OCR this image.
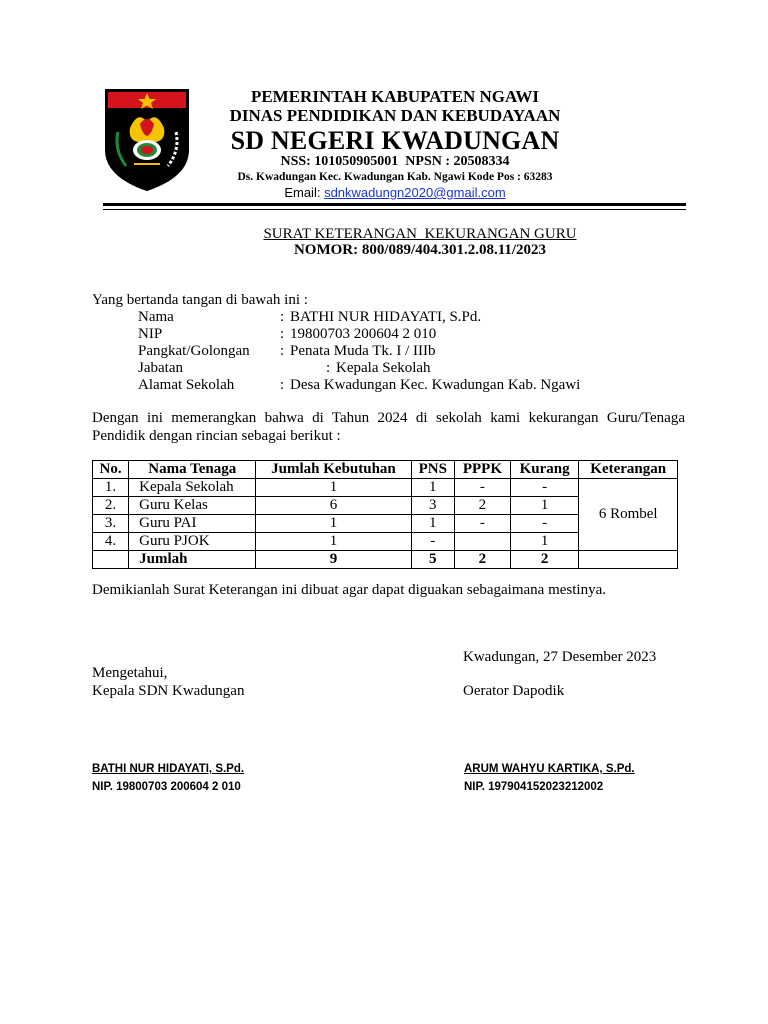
PEMERINTAH KABUPATEN NGAWI
DINAS PENDIDIKAN DAN KEBUDAYAAN
SD NEGERI KWADUNGAN
NSS: 101050905001  NPSN : 20508334
Ds. Kwadungan Kec. Kwadungan Kab. Ngawi Kode Pos : 63283
Email: sdnkwadungn2020@gmail.com
SURAT KETERANGAN  KEKURANGAN GURU
NOMOR: 800/089/404.301.2.08.11/2023
Yang bertanda tangan di bawah ini :
Nama	: BATHI NUR HIDAYATI, S.Pd.
NIP	: 19800703 200604 2 010
Pangkat/Golongan : Penata Muda Tk. I / IIIb
Jabatan	: Kepala Sekolah
Alamat Sekolah	: Desa Kwadungan Kec. Kwadungan Kab. Ngawi
Dengan ini memerangkan bahwa di Tahun 2024 di sekolah kami kekurangan Guru/Tenaga Pendidik dengan rincian sebagai berikut :
No.	Nama Tenaga	Jumlah Kebutuhan	PNS	PPPK	Kurang	Keterangan
1.	Kepala Sekolah	1	1	-	-	6 Rombel
2.	Guru Kelas	6	3	2	1	
3.	Guru PAI	1	1	-	-	
4.	Guru PJOK	1	-		1	
	Jumlah	9	5	2	2	
Demikianlah Surat Keterangan ini dibuat agar dapat diguakan sebagaimana mestinya.
Kwadungan, 27 Desember 2023
Mengetahui,
Kepala SDN Kwadungan	Oerator Dapodik
BATHI NUR HIDAYATI, S.Pd.
NIP. 19800703 200604 2 010
ARUM WAHYU KARTIKA, S.Pd.
NIP. 197904152023212002
